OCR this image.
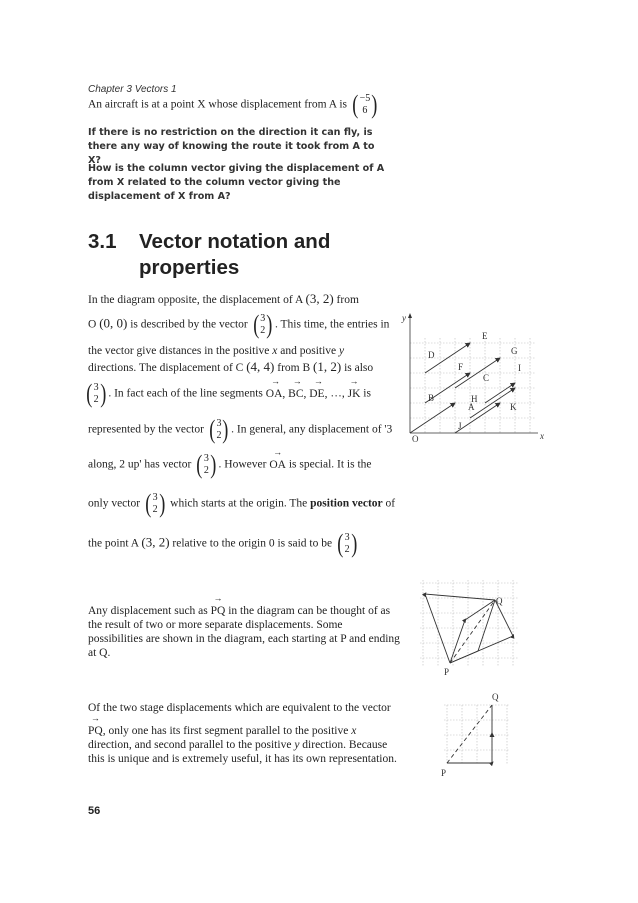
Chapter 3 Vectors 1
An aircraft is at a point X whose displacement from A is ( −5
6 )
If there is no restriction on the direction it can fly, is there any way of knowing the route it took from A to X?
How is the column vector giving the displacement of A from X related to the column vector giving the displacement of X from A?
3.1 Vector notation and properties
In the diagram opposite, the displacement of A (3, 2) from
O (0, 0) is described by the vector ( 3
2 ) . This time, the entries in
the vector give distances in the positive x and positive y
directions. The displacement of C (4, 4) from B (1, 2) is also
( 3
2 ) . In fact each of the line segments → OA, → BC, → DE, …, → JK is
represented by the vector ( 3
2 ) . In general, any displacement of '3
along, 2 up' has vector ( 3
2 ) . However → OA is special. It is the
only vector ( 3
2 ) which starts at the origin. The position vector of
the point A (3, 2) relative to the origin 0 is said to be ( 3
2 )
Any displacement such as → PQ in the diagram can be thought of as the result of two or more separate displacements. Some possibilities are shown in the diagram, each starting at P and ending at Q.
Of the two stage displacements which are equivalent to the vector
→ PQ, only one has its first segment parallel to the positive x direction, and second parallel to the positive y direction. Because this is unique and is extremely useful, it has its own representation.
56
y
x
O
A
B
C
D
E
F
G
H
I
J
K
P
Q
P
Q
